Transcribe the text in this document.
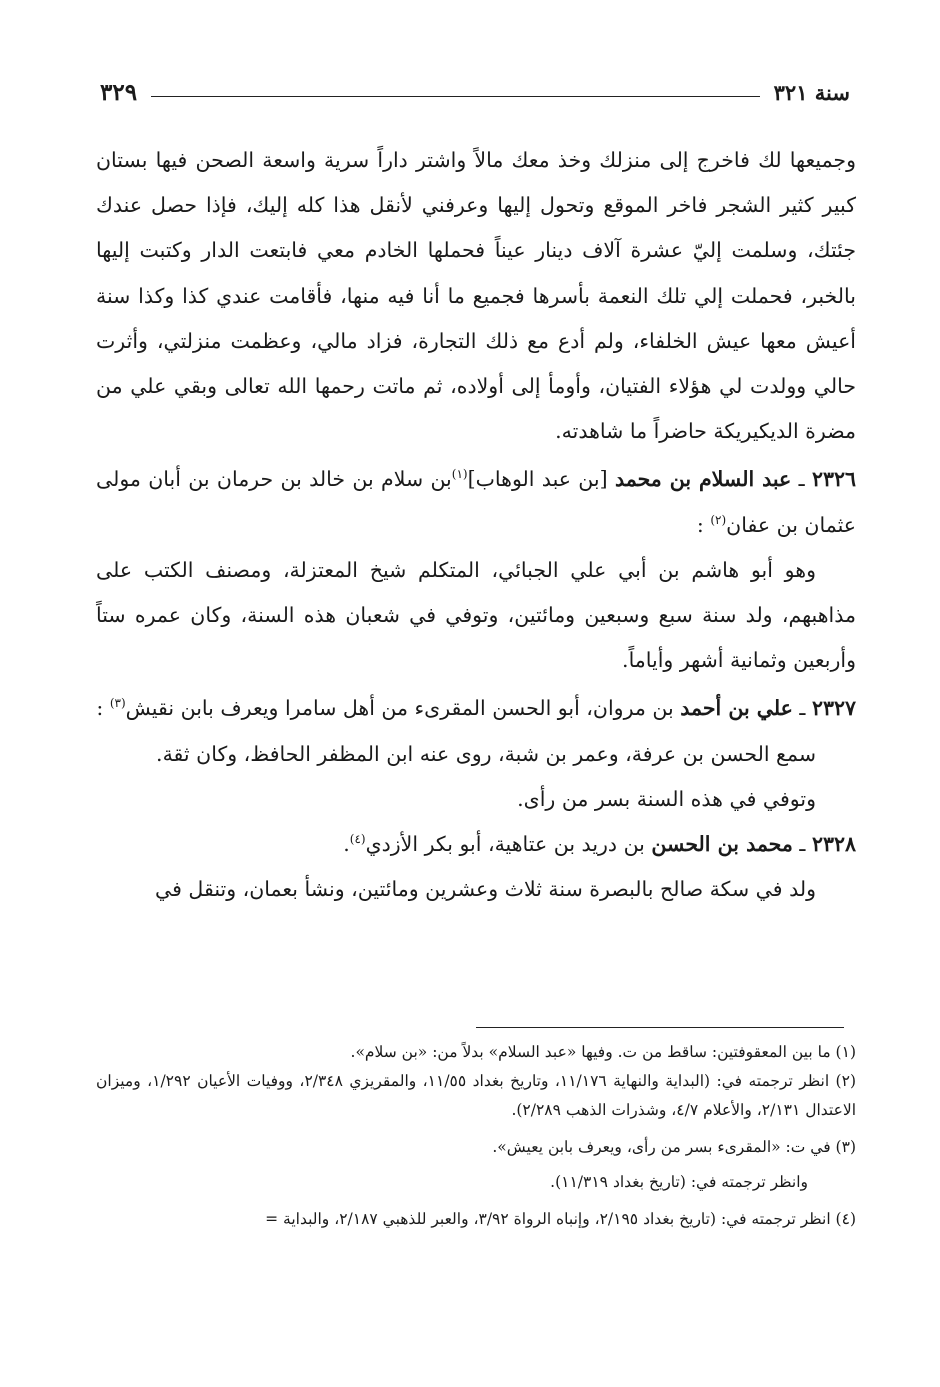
سنة ٣٢١
٣٢٩

وجميعها لك فاخرج إلى منزلك وخذ معك مالاً واشتر داراً سرية واسعة الصحن فيها بستان كبير كثير الشجر فاخر الموقع وتحول إليها وعرفني لأنقل هذا كله إليك، فإذا حصل عندك جئتك، وسلمت إليّ عشرة آلاف دينار عيناً فحملها الخادم معي فابتعت الدار وكتبت إليها بالخبر، فحملت إلي تلك النعمة بأسرها فجميع ما أنا فيه منها، فأقامت عندي كذا وكذا سنة أعيش معها عيش الخلفاء، ولم أدع مع ذلك التجارة، فزاد مالي، وعظمت منزلتي، وأثرت حالي وولدت لي هؤلاء الفتيان، وأومأ إلى أولاده، ثم ماتت رحمها الله تعالى وبقي علي من مضرة الديكيريكة حاضراً ما شاهدته.

٢٣٢٦ ـ عبد السلام بن محمد [بن عبد الوهاب]$^{(١)}$بن سلام بن خالد بن حرمان بن أبان مولى عثمان بن عفان$^{(٢)}$ :

وهو أبو هاشم بن أبي علي الجبائي، المتكلم شيخ المعتزلة، ومصنف الكتب على مذاهبهم، ولد سنة سبع وسبعين ومائتين، وتوفي في شعبان هذه السنة، وكان عمره ستاً وأربعين وثمانية أشهر وأياماً.

٢٣٢٧ ـ علي بن أحمد بن مروان، أبو الحسن المقرىء من أهل سامرا ويعرف بابن نقيش$^{(٣)}$ :

سمع الحسن بن عرفة، وعمر بن شبة، روى عنه ابن المظفر الحافظ، وكان ثقة.

وتوفي في هذه السنة بسر من رأى.

٢٣٢٨ ـ محمد بن الحسن بن دريد بن عتاهية، أبو بكر الأزدي$^{(٤)}$.

ولد في سكة صالح بالبصرة سنة ثلاث وعشرين ومائتين، ونشأ بعمان، وتنقل في

(١) ما بين المعقوفتين: ساقط من ت. وفيها «عبد السلام» بدلاً من: «بن سلام».

(٢) انظر ترجمته في: (البداية والنهاية ١١/١٧٦، وتاريخ بغداد ١١/٥٥، والمقريزي ٢/٣٤٨، ووفيات الأعيان ١/٢٩٢، وميزان الاعتدال ٢/١٣١، والأعلام ٤/٧، وشذرات الذهب ٢/٢٨٩).

(٣) في ت: «المقرىء بسر من رأى، ويعرف بابن يعيش».

وانظر ترجمته في: (تاريخ بغداد ١١/٣١٩).

(٤) انظر ترجمته في: (تاريخ بغداد ٢/١٩٥، وإنباه الرواة ٣/٩٢، والعبر للذهبي ٢/١٨٧، والبداية =
